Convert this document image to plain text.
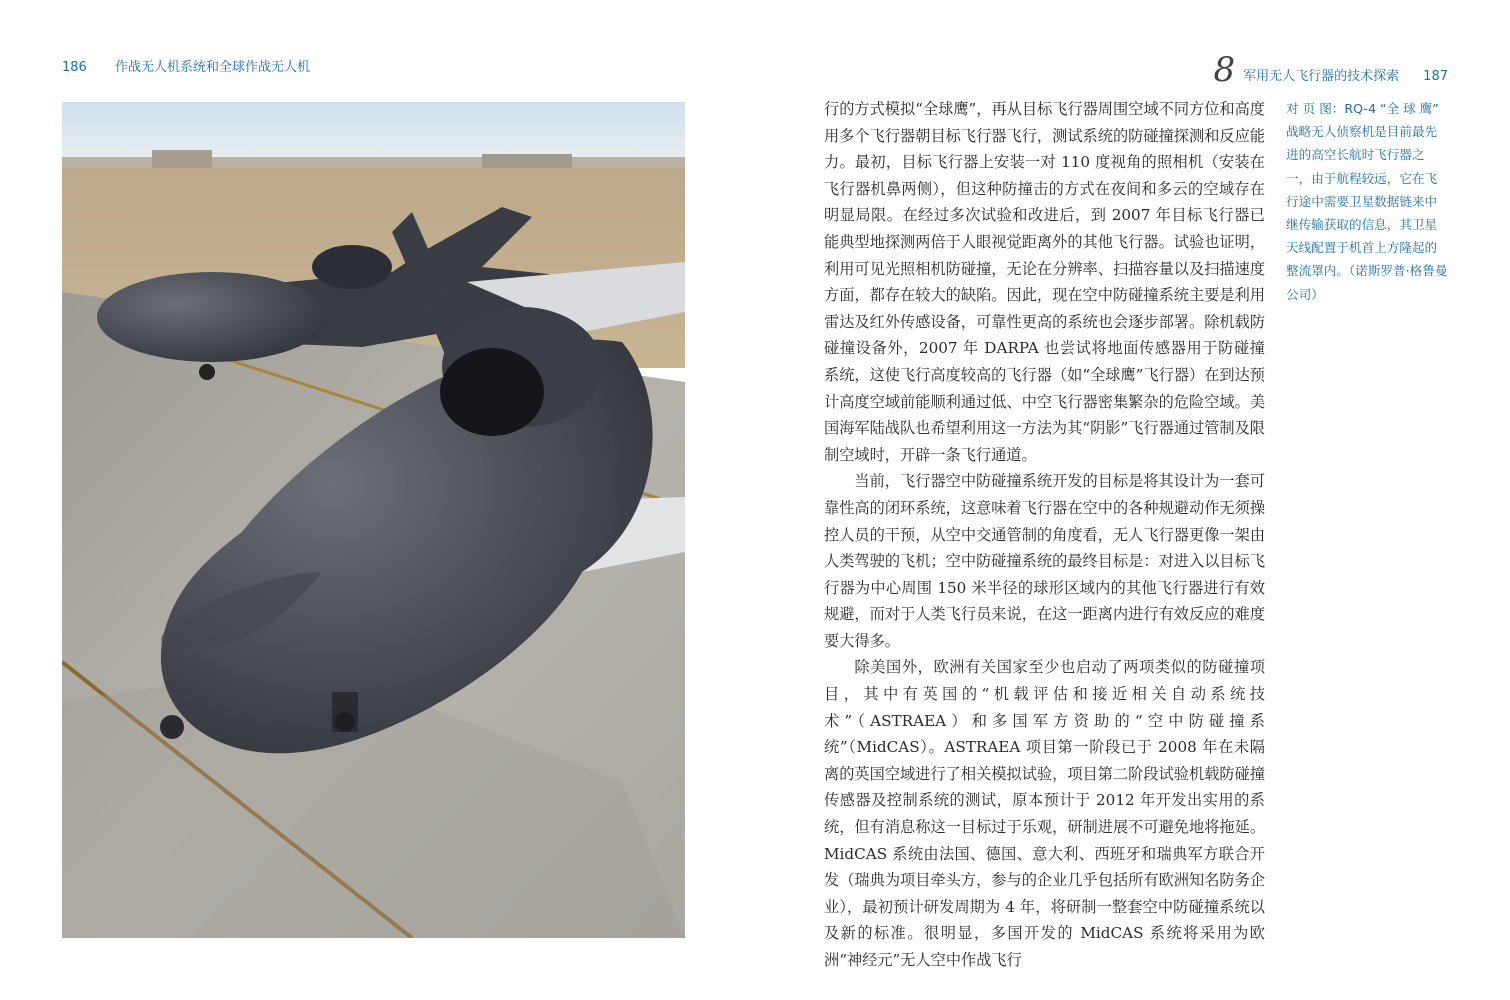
186 作战无人机系统和全球作战无人机	8 军用无人飞行器的技术探索 187

行的方式模拟“全球鹰”，再从目标飞行器周围空域不同方位和高度用多个飞行器朝目标飞行器飞行，测试系统的防碰撞探测和反应能力。最初，目标飞行器上安装一对 110 度视角的照相机（安装在飞行器机鼻两侧），但这种防撞击的方式在夜间和多云的空域存在明显局限。在经过多次试验和改进后，到 2007 年目标飞行器已能典型地探测两倍于人眼视觉距离外的其他飞行器。试验也证明，利用可见光照相机防碰撞，无论在分辨率、扫描容量以及扫描速度方面，都存在较大的缺陷。因此，现在空中防碰撞系统主要是利用雷达及红外传感设备，可靠性更高的系统也会逐步部署。除机载防碰撞设备外，2007 年 DARPA 也尝试将地面传感器用于防碰撞系统，这使飞行高度较高的飞行器（如“全球鹰”飞行器）在到达预计高度空域前能顺利通过低、中空飞行器密集繁杂的危险空域。美国海军陆战队也希望利用这一方法为其“阴影”飞行器通过管制及限制空域时，开辟一条飞行通道。

当前，飞行器空中防碰撞系统开发的目标是将其设计为一套可靠性高的闭环系统，这意味着飞行器在空中的各种规避动作无须操控人员的干预，从空中交通管制的角度看，无人飞行器更像一架由人类驾驶的飞机；空中防碰撞系统的最终目标是：对进入以目标飞行器为中心周围 150 米半径的球形区域内的其他飞行器进行有效规避，而对于人类飞行员来说，在这一距离内进行有效反应的难度要大得多。

除美国外，欧洲有关国家至少也启动了两项类似的防碰撞项目，其中有英国的“机载评估和接近相关自动系统技术”（ASTRAEA）和多国军方资助的“空中防碰撞系统”（MidCAS）。ASTRAEA 项目第一阶段已于 2008 年在未隔离的英国空域进行了相关模拟试验，项目第二阶段试验机载防碰撞传感器及控制系统的测试，原本预计于 2012 年开发出实用的系统，但有消息称这一目标过于乐观，研制进展不可避免地将拖延。MidCAS 系统由法国、德国、意大利、西班牙和瑞典军方联合开发（瑞典为项目牵头方，参与的企业几乎包括所有欧洲知名防务企业），最初预计研发周期为 4 年，将研制一整套空中防碰撞系统以及新的标准。很明显，多国开发的 MidCAS 系统将采用为欧洲“神经元”无人空中作战飞行

对 页 图：RQ-4 “全 球 鹰” 战略无人侦察机是目前最先进的高空长航时飞行器之一，由于航程较远，它在飞行途中需要卫星数据链来中继传输获取的信息，其卫星天线配置于机首上方隆起的整流罩内。（诺斯罗普·格鲁曼公司）
